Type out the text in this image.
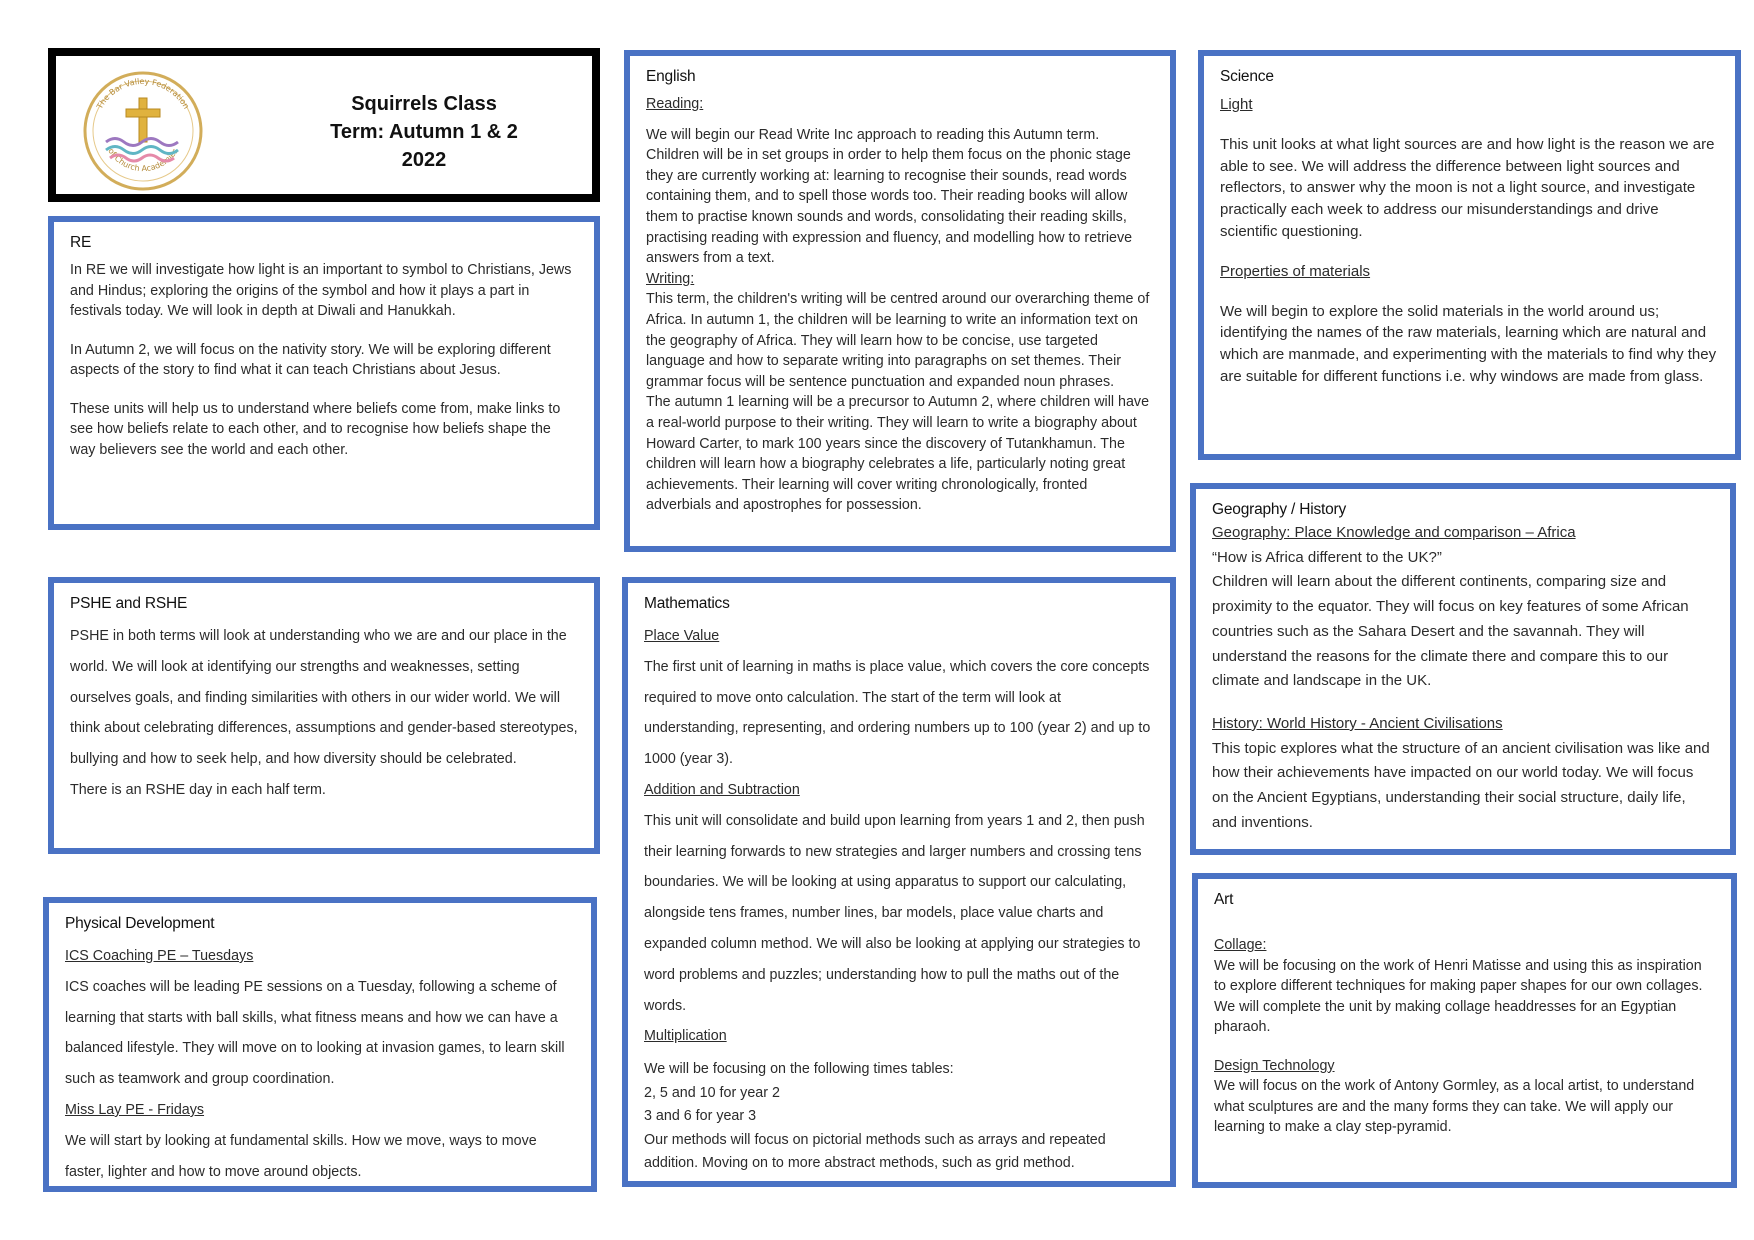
The Bar Valley Federation
of Church Academies
Squirrels Class
Term: Autumn 1 & 2
2022
RE

In RE we will investigate how light is an important to symbol to Christians, Jews and Hindus; exploring the origins of the symbol and how it plays a part in festivals today. We will look in depth at Diwali and Hanukkah.

In Autumn 2, we will focus on the nativity story. We will be exploring different aspects of the story to find what it can teach Christians about Jesus.

These units will help us to understand where beliefs come from, make links to see how beliefs relate to each other, and to recognise how beliefs shape the way believers see the world and each other.

PSHE and RSHE

PSHE in both terms will look at understanding who we are and our place in the world. We will look at identifying our strengths and weaknesses, setting ourselves goals, and finding similarities with others in our wider world. We will think about celebrating differences, assumptions and gender-based stereotypes, bullying and how to seek help, and how diversity should be celebrated.

There is an RSHE day in each half term.

Physical Development
ICS Coaching PE – Tuesdays

ICS coaches will be leading PE sessions on a Tuesday, following a scheme of learning that starts with ball skills, what fitness means and how we can have a balanced lifestyle. They will move on to looking at invasion games, to learn skill such as teamwork and group coordination.

Miss Lay PE - Fridays

We will start by looking at fundamental skills. How we move, ways to move faster, lighter and how to move around objects.

English
Reading:

We will begin our Read Write Inc approach to reading this Autumn term. Children will be in set groups in order to help them focus on the phonic stage they are currently working at: learning to recognise their sounds, read words containing them, and to spell those words too. Their reading books will allow them to practise known sounds and words, consolidating their reading skills, practising reading with expression and fluency, and modelling how to retrieve answers from a text.

Writing:

This term, the children's writing will be centred around our overarching theme of Africa. In autumn 1, the children will be learning to write an information text on the geography of Africa. They will learn how to be concise, use targeted language and how to separate writing into paragraphs on set themes. Their grammar focus will be sentence punctuation and expanded noun phrases.

The autumn 1 learning will be a precursor to Autumn 2, where children will have a real-world purpose to their writing. They will learn to write a biography about Howard Carter, to mark 100 years since the discovery of Tutankhamun. The children will learn how a biography celebrates a life, particularly noting great achievements. Their learning will cover writing chronologically, fronted adverbials and apostrophes for possession.

Mathematics
Place Value

The first unit of learning in maths is place value, which covers the core concepts required to move onto calculation. The start of the term will look at understanding, representing, and ordering numbers up to 100 (year 2) and up to 1000 (year 3).

Addition and Subtraction

This unit will consolidate and build upon learning from years 1 and 2, then push their learning forwards to new strategies and larger numbers and crossing tens boundaries. We will be looking at using apparatus to support our calculating, alongside tens frames, number lines, bar models, place value charts and expanded column method. We will also be looking at applying our strategies to word problems and puzzles; understanding how to pull the maths out of the words.

Multiplication

We will be focusing on the following times tables:

2, 5 and 10 for year 2

3 and 6 for year 3

Our methods will focus on pictorial methods such as arrays and repeated addition. Moving on to more abstract methods, such as grid method.

Science
Light

This unit looks at what light sources are and how light is the reason we are able to see. We will address the difference between light sources and reflectors, to answer why the moon is not a light source, and investigate practically each week to address our misunderstandings and drive scientific questioning.

Properties of materials

We will begin to explore the solid materials in the world around us; identifying the names of the raw materials, learning which are natural and which are manmade, and experimenting with the materials to find why they are suitable for different functions i.e. why windows are made from glass.

Geography / History
Geography: Place Knowledge and comparison – Africa

“How is Africa different to the UK?”

Children will learn about the different continents, comparing size and proximity to the equator. They will focus on key features of some African countries such as the Sahara Desert and the savannah. They will understand the reasons for the climate there and compare this to our climate and landscape in the UK.

History: World History - Ancient Civilisations

This topic explores what the structure of an ancient civilisation was like and how their achievements have impacted on our world today. We will focus on the Ancient Egyptians, understanding their social structure, daily life, and inventions.

Art
Collage:

We will be focusing on the work of Henri Matisse and using this as inspiration to explore different techniques for making paper shapes for our own collages. We will complete the unit by making collage headdresses for an Egyptian pharaoh.

Design Technology

We will focus on the work of Antony Gormley, as a local artist, to understand what sculptures are and the many forms they can take. We will apply our learning to make a clay step-pyramid.
